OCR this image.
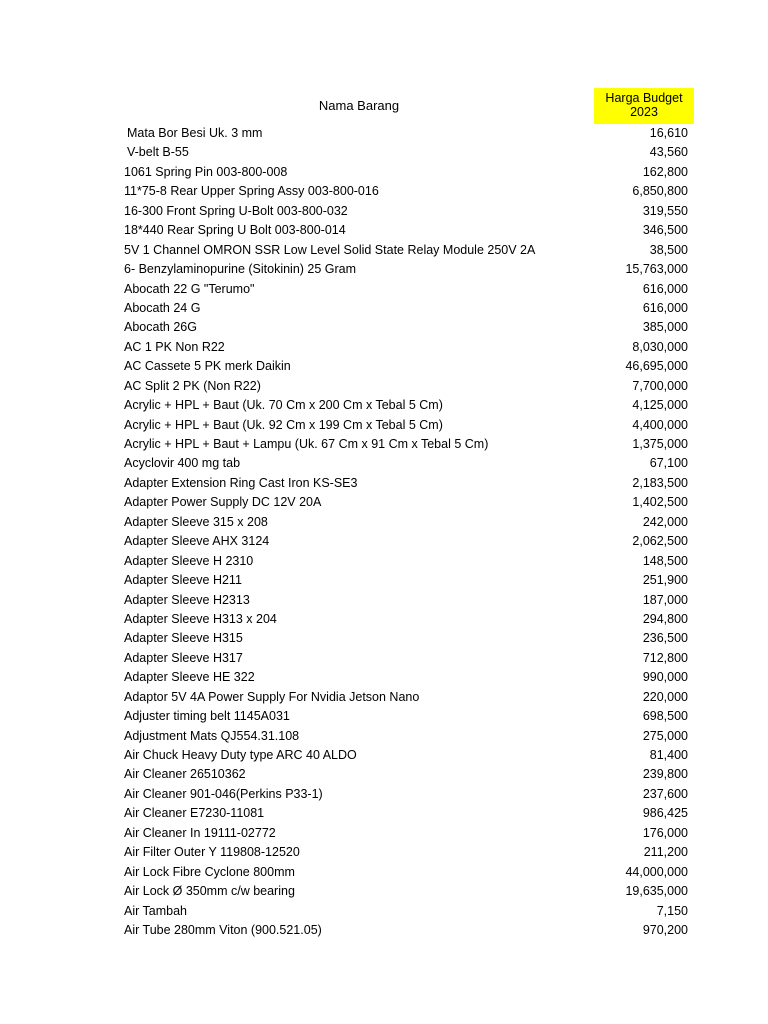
Nama Barang	Harga Budget
2023
Mata Bor Besi Uk. 3 mm	16,610
V-belt B-55	43,560
1061 Spring Pin 003-800-008	162,800
11*75-8 Rear Upper Spring Assy 003-800-016	6,850,800
16-300 Front Spring U-Bolt 003-800-032	319,550
18*440 Rear Spring U Bolt 003-800-014	346,500
5V 1 Channel OMRON SSR Low Level Solid State Relay Module 250V 2A	38,500
6- Benzylaminopurine (Sitokinin) 25 Gram	15,763,000
Abocath 22 G "Terumo"	616,000
Abocath 24 G	616,000
Abocath 26G	385,000
AC 1 PK Non R22	8,030,000
AC Cassete 5 PK merk Daikin	46,695,000
AC Split 2 PK (Non R22)	7,700,000
Acrylic + HPL + Baut (Uk. 70 Cm x 200 Cm x Tebal 5 Cm)	4,125,000
Acrylic + HPL + Baut (Uk. 92 Cm x 199 Cm x Tebal 5 Cm)	4,400,000
Acrylic + HPL + Baut + Lampu (Uk. 67 Cm x 91 Cm x Tebal 5 Cm)	1,375,000
Acyclovir 400 mg tab	67,100
Adapter Extension Ring Cast Iron KS-SE3	2,183,500
Adapter Power Supply DC 12V 20A	1,402,500
Adapter Sleeve 315 x 208	242,000
Adapter Sleeve AHX 3124	2,062,500
Adapter Sleeve H 2310	148,500
Adapter Sleeve H211	251,900
Adapter Sleeve H2313	187,000
Adapter Sleeve H313 x 204	294,800
Adapter Sleeve H315	236,500
Adapter Sleeve H317	712,800
Adapter Sleeve HE 322	990,000
Adaptor 5V 4A Power Supply For Nvidia Jetson Nano	220,000
Adjuster timing belt 1145A031	698,500
Adjustment Mats QJ554.31.108	275,000
Air Chuck Heavy Duty type ARC 40 ALDO	81,400
Air Cleaner 26510362	239,800
Air Cleaner 901-046(Perkins P33-1)	237,600
Air Cleaner E7230-11081	986,425
Air Cleaner In 19111-02772	176,000
Air Filter Outer Y 119808-12520	211,200
Air Lock Fibre Cyclone 800mm	44,000,000
Air Lock Ø 350mm c/w bearing	19,635,000
Air Tambah	7,150
Air Tube 280mm Viton (900.521.05)	970,200
